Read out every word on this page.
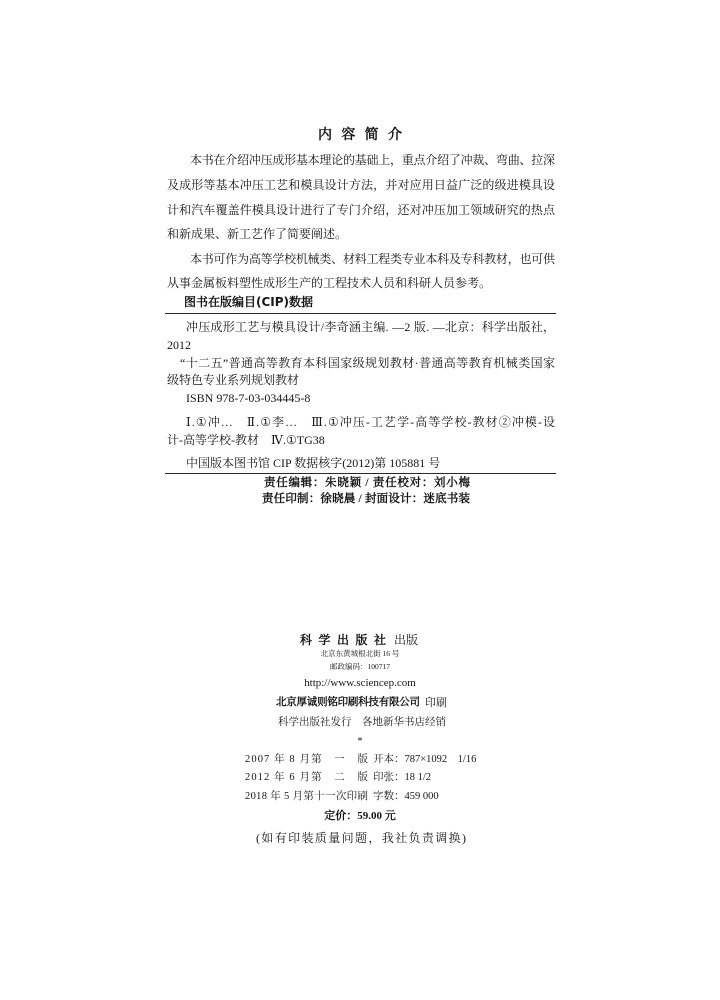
内 容 简 介
本书在介绍冲压成形基本理论的基础上，重点介绍了冲裁、弯曲、拉深
及成形等基本冲压工艺和模具设计方法，并对应用日益广泛的级进模具设
计和汽车覆盖件模具设计进行了专门介绍，还对冲压加工领域研究的热点
和新成果、新工艺作了简要阐述。
本书可作为高等学校机械类、材料工程类专业本科及专科教材，也可供
从事金属板料塑性成形生产的工程技术人员和科研人员参考。
图书在版编目(CIP)数据
冲压成形工艺与模具设计/李奇涵主编. —2 版. —北京：科学出版社，
2012
“十二五”普通高等教育本科国家级规划教材·普通高等教育机械类国家
级特色专业系列规划教材
ISBN 978-7-03-034445-8
Ⅰ.①冲…　Ⅱ.①李…　Ⅲ.①冲压-工艺学-高等学校-教材②冲模-设
计-高等学校-教材　Ⅳ.①TG38
中国版本图书馆 CIP 数据核字(2012)第 105881 号
责任编辑：朱晓颖 / 责任校对：刘小梅
责任印制：徐晓晨 / 封面设计：迷底书装
科 学 出 版 社 出版
北京东黄城根北街 16 号
邮政编码：100717
http://www.sciencep.com
北京厚诚则铭印刷科技有限公司 印刷
科学出版社发行　各地新华书店经销
*
2007 年 8 月第　一　版 开本：787×1092　1/16
2012 年 6 月第　二　版 印张：18 1/2
2018 年 5 月第十一次印刷 字数：459 000
定价：59.00 元
(如有印装质量问题，我社负责调换)
